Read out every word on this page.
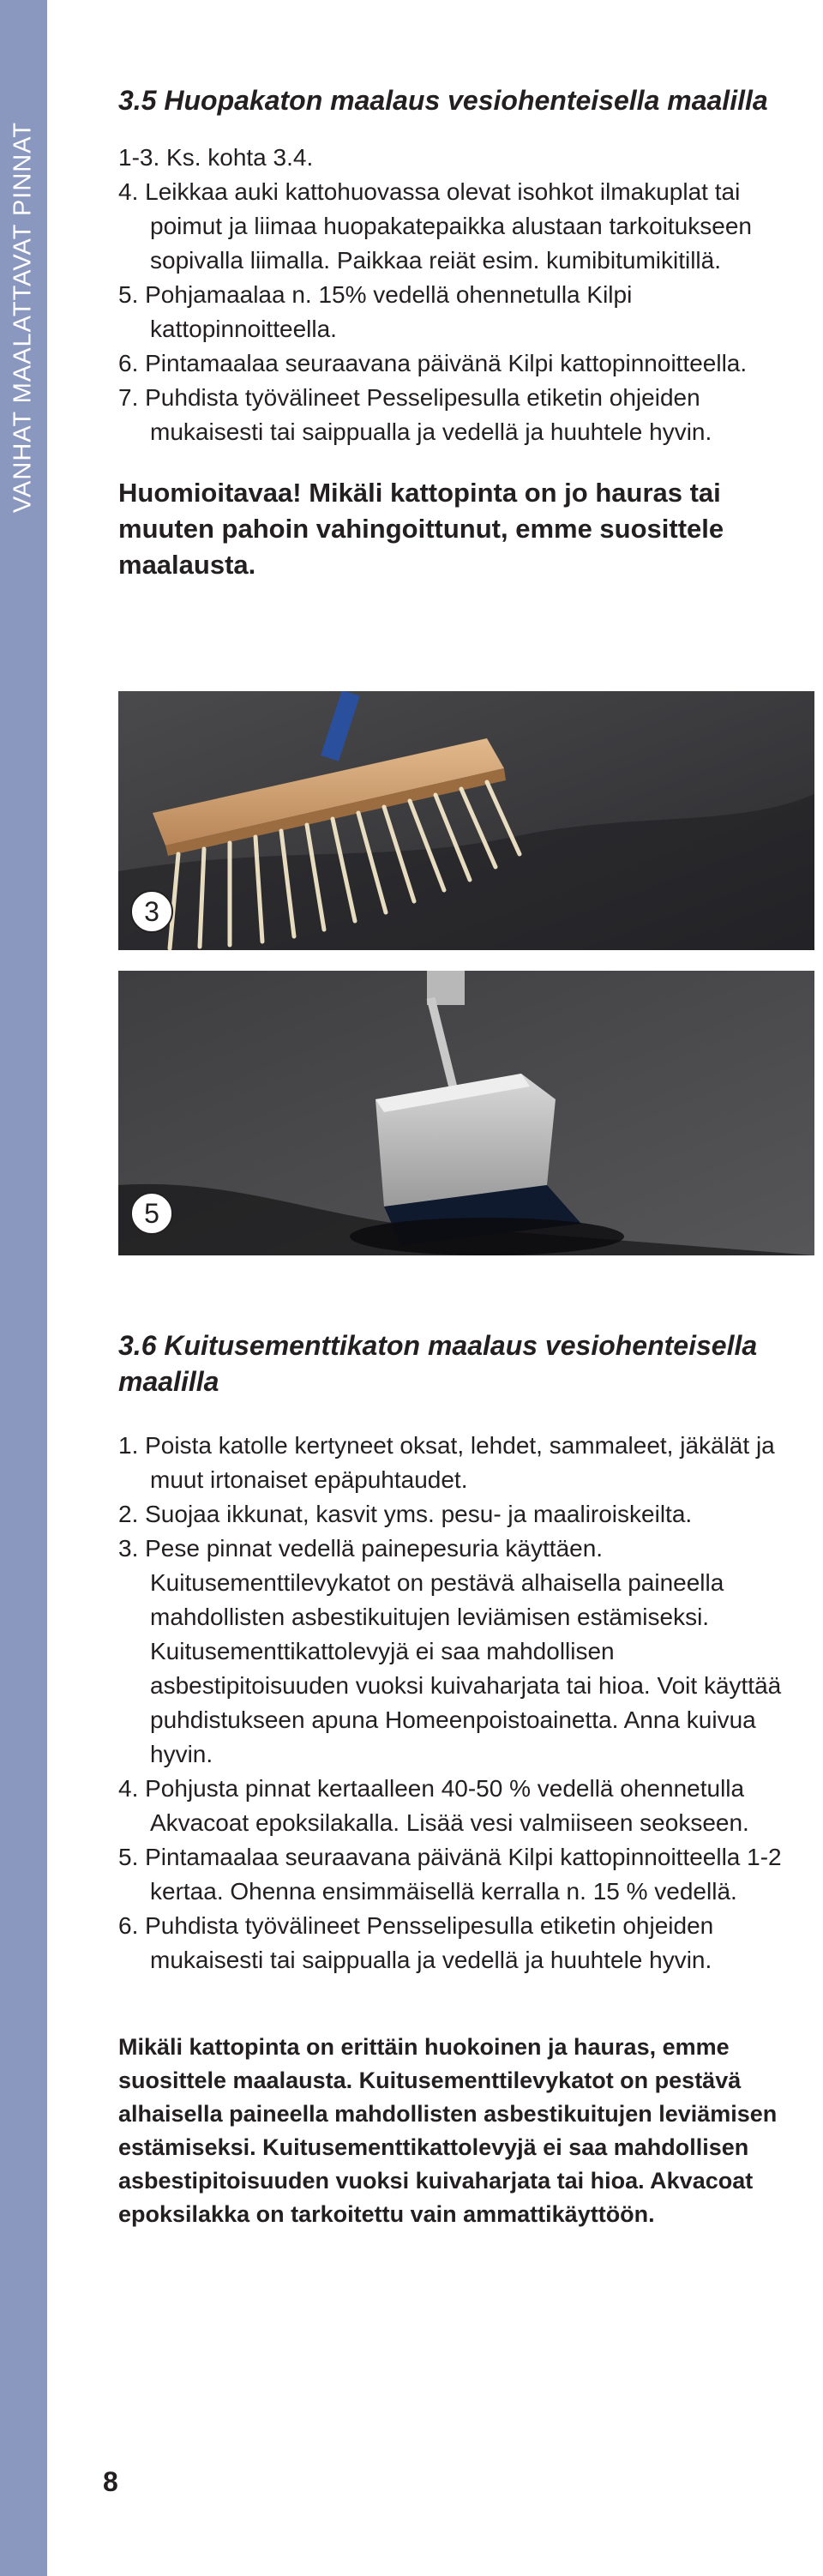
VANHAT MAALATTAVAT PINNAT
3.5 Huopakaton maalaus vesiohenteisella maalilla
1-3. Ks. kohta 3.4.
4. Leikkaa auki kattohuovassa olevat isohkot ilmakuplat tai poimut ja liimaa huopakatepaikka alustaan tarkoitukseen sopivalla liimalla. Paikkaa reiät esim. kumibitumikitillä.
5. Pohjamaalaa n. 15% vedellä ohennetulla Kilpi kattopinnoitteella.
6. Pintamaalaa seuraavana päivänä Kilpi kattopinnoitteella.
7. Puhdista työvälineet Pesselipesulla etiketin ohjeiden mukaisesti tai saippualla ja vedellä ja huuhtele hyvin.

Huomioitavaa! Mikäli kattopinta on jo hauras tai muuten pahoin vahingoittunut, emme suosittele maalausta.

3
5
3.6 Kuitusementtikaton maalaus vesiohenteisella maalilla
1. Poista katolle kertyneet oksat, lehdet, sammaleet, jäkälät ja muut irtonaiset epäpuhtaudet.
2. Suojaa ikkunat, kasvit yms. pesu- ja maaliroiskeilta.
3. Pese pinnat vedellä painepesuria käyttäen. Kuitusementtilevykatot on pestävä alhaisella paineella mahdollisten asbestikuitujen leviämisen estämiseksi. Kuitusementtikattolevyjä ei saa mahdollisen asbestipitoisuuden vuoksi kuivaharjata tai hioa. Voit käyttää puhdistukseen apuna Homeenpoistoainetta. Anna kuivua hyvin.
4. Pohjusta pinnat kertaalleen 40-50 % vedellä ohennetulla Akvacoat epoksilakalla. Lisää vesi valmiiseen seokseen.
5. Pintamaalaa seuraavana päivänä Kilpi kattopinnoitteella 1-2 kertaa. Ohenna ensimmäisellä kerralla n. 15 % vedellä.
6. Puhdista työvälineet Pensselipesulla etiketin ohjeiden mukaisesti tai saippualla ja vedellä ja huuhtele hyvin.

Mikäli kattopinta on erittäin huokoinen ja hauras, emme suosittele maalausta. Kuitusementtilevykatot on pestävä alhaisella paineella mahdollisten asbestikuitujen leviämisen estämiseksi. Kuitusementtikattolevyjä ei saa mahdollisen asbestipitoisuuden vuoksi kuivaharjata tai hioa. Akvacoat epoksilakka on tarkoitettu vain ammattikäyttöön.

8
